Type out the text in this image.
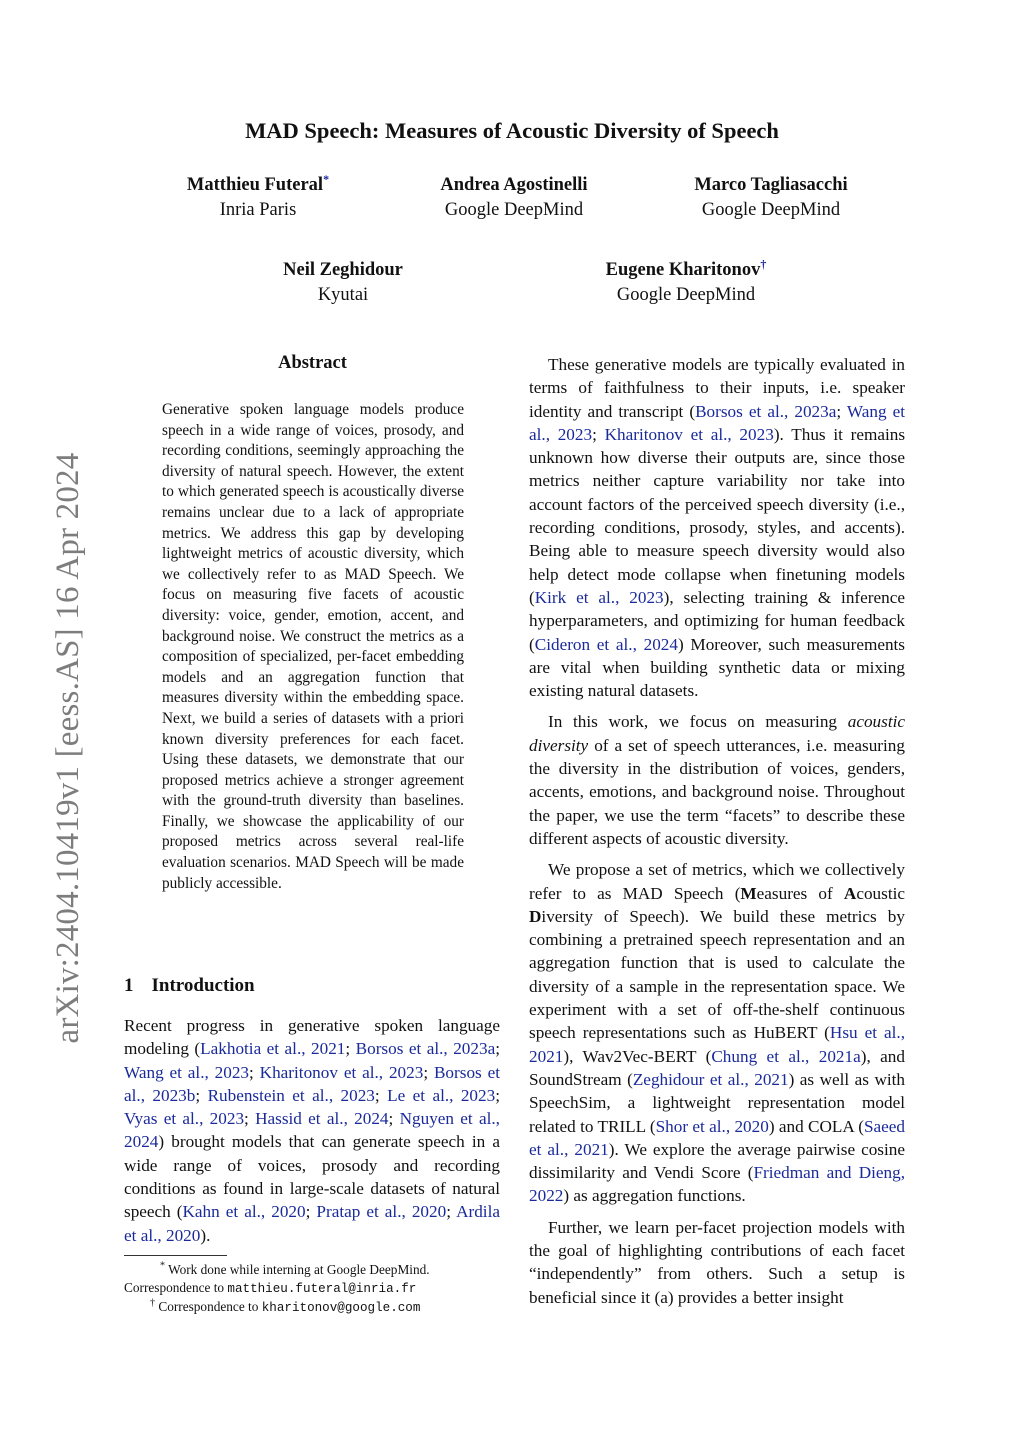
arXiv:2404.10419v1 [eess.AS] 16 Apr 2024
MAD Speech: Measures of Acoustic Diversity of Speech
Matthieu Futeral*
Inria Paris
Andrea Agostinelli
Google DeepMind
Marco Tagliasacchi
Google DeepMind
Neil Zeghidour
Kyutai
Eugene Kharitonov†
Google DeepMind
Abstract
Generative spoken language models produce speech in a wide range of voices, prosody, and recording conditions, seemingly approaching the diversity of natural speech. However, the extent to which generated speech is acoustically diverse remains unclear due to a lack of appropriate metrics. We address this gap by developing lightweight metrics of acoustic diversity, which we collectively refer to as MAD Speech. We focus on measuring five facets of acoustic diversity: voice, gender, emotion, accent, and background noise. We construct the metrics as a composition of specialized, per-facet embedding models and an aggregation function that measures diversity within the embedding space. Next, we build a series of datasets with a priori known diversity preferences for each facet. Using these datasets, we demonstrate that our proposed metrics achieve a stronger agreement with the ground-truth diversity than baselines. Finally, we showcase the applicability of our proposed metrics across several real-life evaluation scenarios. MAD Speech will be made publicly accessible.
1 Introduction

Recent progress in generative spoken language modeling (Lakhotia et al., 2021; Borsos et al., 2023a; Wang et al., 2023; Kharitonov et al., 2023; Borsos et al., 2023b; Rubenstein et al., 2023; Le et al., 2023; Vyas et al., 2023; Hassid et al., 2024; Nguyen et al., 2024) brought models that can generate speech in a wide range of voices, prosody and recording conditions as found in large-scale datasets of natural speech (Kahn et al., 2020; Pratap et al., 2020; Ardila et al., 2020).

* Work done while interning at Google DeepMind. Correspondence to matthieu.futeral@inria.fr
† Correspondence to kharitonov@google.com

These generative models are typically evaluated in terms of faithfulness to their inputs, i.e. speaker identity and transcript (Borsos et al., 2023a; Wang et al., 2023; Kharitonov et al., 2023). Thus it remains unknown how diverse their outputs are, since those metrics neither capture variability nor take into account factors of the perceived speech diversity (i.e., recording conditions, prosody, styles, and accents). Being able to measure speech diversity would also help detect mode collapse when finetuning models (Kirk et al., 2023), selecting training & inference hyperparameters, and optimizing for human feedback (Cideron et al., 2024) Moreover, such measurements are vital when building synthetic data or mixing existing natural datasets.

In this work, we focus on measuring acoustic diversity of a set of speech utterances, i.e. measuring the diversity in the distribution of voices, genders, accents, emotions, and background noise. Throughout the paper, we use the term “facets” to describe these different aspects of acoustic diversity.

We propose a set of metrics, which we collectively refer to as MAD Speech (Measures of Acoustic Diversity of Speech). We build these metrics by combining a pretrained speech representation and an aggregation function that is used to calculate the diversity of a sample in the representation space. We experiment with a set of off-the-shelf continuous speech representations such as HuBERT (Hsu et al., 2021), Wav2Vec-BERT (Chung et al., 2021a), and SoundStream (Zeghidour et al., 2021) as well as with SpeechSim, a lightweight representation model related to TRILL (Shor et al., 2020) and COLA (Saeed et al., 2021). We explore the average pairwise cosine dissimilarity and Vendi Score (Friedman and Dieng, 2022) as aggregation functions.

Further, we learn per-facet projection models with the goal of highlighting contributions of each facet “independently” from others. Such a setup is beneficial since it (a) provides a better insight
